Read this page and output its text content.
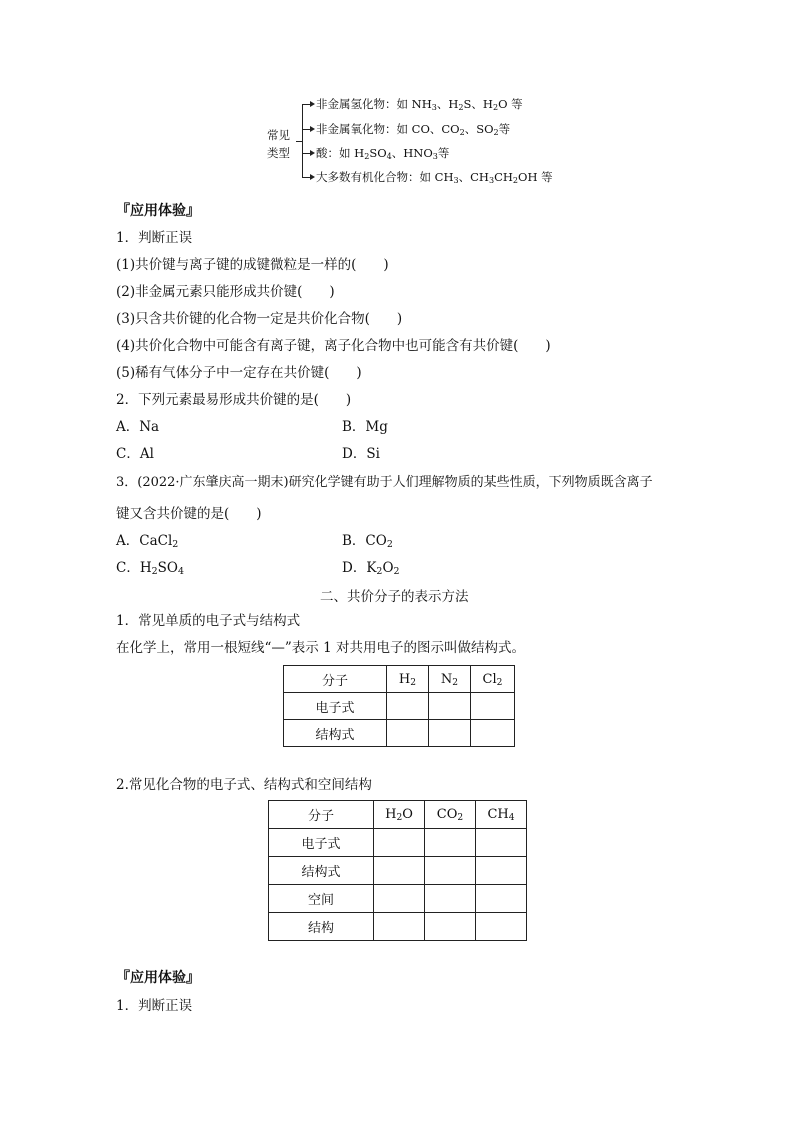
常见
类型
非金属氢化物：如 $NH_3$、$H_2S$、$H_2O$ 等
非金属氧化物：如 CO、$CO_2$、$SO_2$等
酸：如 $H_2SO_4$、$HNO_3$等
大多数有机化合物：如 $CH_3$、$CH_3CH_2OH$ 等
『应用体验』
1．判断正误
(1)共价键与离子键的成键微粒是一样的(　　)
(2)非金属元素只能形成共价键(　　)
(3)只含共价键的化合物一定是共价化合物(　　)
(4)共价化合物中可能含有离子键，离子化合物中也可能含有共价键(　　)
(5)稀有气体分子中一定存在共价键(　　)
2．下列元素最易形成共价键的是(　　)
A．Na	B．Mg
C．Al	D．Si
3．(2022·广东肇庆高一期末)研究化学键有助于人们理解物质的某些性质，下列物质既含离子
键又含共价键的是(　　)
A．CaCl$_2$	B．$CO_2$
C．$H_2SO_4$	D．$K_2O_2$
二、共价分子的表示方法
1．常见单质的电子式与结构式
在化学上，常用一根短线“—”表示 1 对共用电子的图示叫做结构式。
分子	$H_2$	$N_2$	$Cl_2$
电子式			
结构式			
2.常见化合物的电子式、结构式和空间结构
分子	$H_2O$	$CO_2$	$CH_4$
电子式			
结构式			
空间			
结构			
『应用体验』
1．判断正误
